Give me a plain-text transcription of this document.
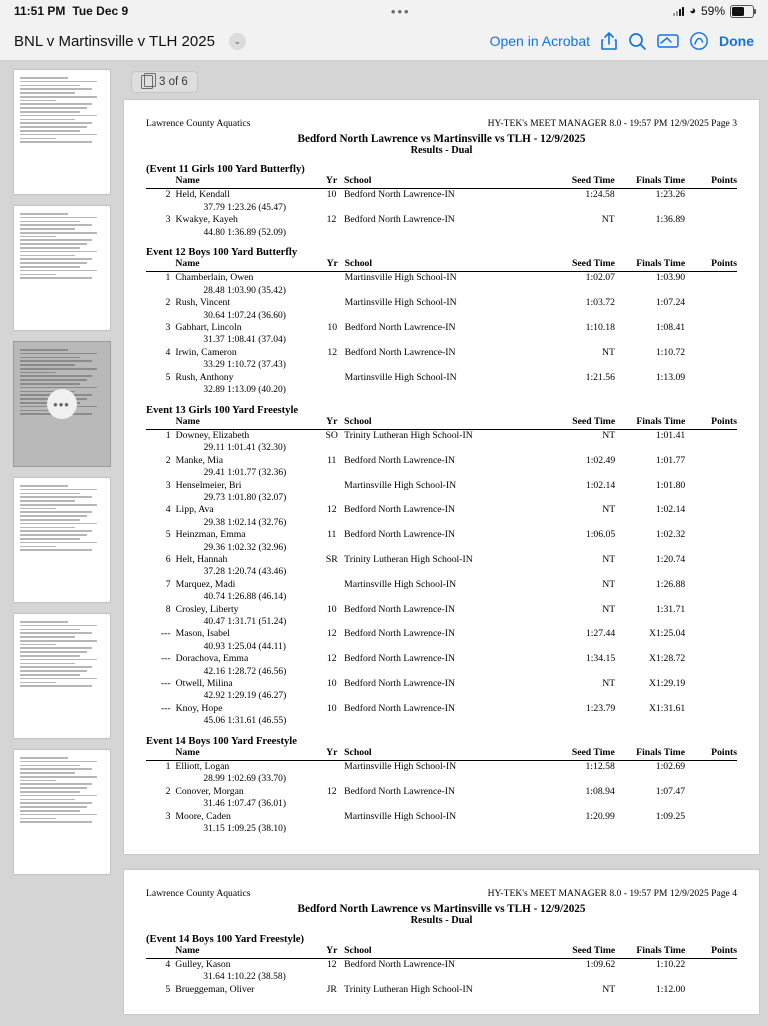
11:51 PM Tue Dec 9	•••	◕ 59%
BNL v Martinsville v TLH 2025	⌄	Open in Acrobat	Done
•••
3 of 6
Lawrence County Aquatics	HY-TEK's MEET MANAGER 8.0 - 19:57 PM 12/9/2025 Page 3
Bedford North Lawrence vs Martinsville vs TLH - 12/9/2025
Results - Dual
(Event 11 Girls 100 Yard Butterfly)
	Name	Yr	School	Seed Time	Finals Time	Points
2	Held, Kendall	10	Bedford North Lawrence-IN	1:24.58	1:23.26	
	37.79 1:23.26 (45.47)					
3	Kwakye, Kayeh	12	Bedford North Lawrence-IN	NT	1:36.89	
	44.80 1:36.89 (52.09)					
Event 12 Boys 100 Yard Butterfly
	Name	Yr	School	Seed Time	Finals Time	Points
1	Chamberlain, Owen		Martinsville High School-IN	1:02.07	1:03.90	
	28.48 1:03.90 (35.42)					
2	Rush, Vincent		Martinsville High School-IN	1:03.72	1:07.24	
	30.64 1:07.24 (36.60)					
3	Gabhart, Lincoln	10	Bedford North Lawrence-IN	1:10.18	1:08.41	
	31.37 1:08.41 (37.04)					
4	Irwin, Cameron	12	Bedford North Lawrence-IN	NT	1:10.72	
	33.29 1:10.72 (37.43)					
5	Rush, Anthony		Martinsville High School-IN	1:21.56	1:13.09	
	32.89 1:13.09 (40.20)					
Event 13 Girls 100 Yard Freestyle
	Name	Yr	School	Seed Time	Finals Time	Points
1	Downey, Elizabeth	SO	Trinity Lutheran High School-IN	NT	1:01.41	
	29.11 1:01.41 (32.30)					
2	Manke, Mia	11	Bedford North Lawrence-IN	1:02.49	1:01.77	
	29.41 1:01.77 (32.36)					
3	Henselmeier, Bri		Martinsville High School-IN	1:02.14	1:01.80	
	29.73 1:01.80 (32.07)					
4	Lipp, Ava	12	Bedford North Lawrence-IN	NT	1:02.14	
	29.38 1:02.14 (32.76)					
5	Heinzman, Emma	11	Bedford North Lawrence-IN	1:06.05	1:02.32	
	29.36 1:02.32 (32.96)					
6	Helt, Hannah	SR	Trinity Lutheran High School-IN	NT	1:20.74	
	37.28 1:20.74 (43.46)					
7	Marquez, Madi		Martinsville High School-IN	NT	1:26.88	
	40.74 1:26.88 (46.14)					
8	Crosley, Liberty	10	Bedford North Lawrence-IN	NT	1:31.71	
	40.47 1:31.71 (51.24)					
---	Mason, Isabel	12	Bedford North Lawrence-IN	1:27.44	X1:25.04	
	40.93 1:25.04 (44.11)					
---	Dorachova, Emma	12	Bedford North Lawrence-IN	1:34.15	X1:28.72	
	42.16 1:28.72 (46.56)					
---	Otwell, Milina	10	Bedford North Lawrence-IN	NT	X1:29.19	
	42.92 1:29.19 (46.27)					
---	Knoy, Hope	10	Bedford North Lawrence-IN	1:23.79	X1:31.61	
	45.06 1:31.61 (46.55)					
Event 14 Boys 100 Yard Freestyle
	Name	Yr	School	Seed Time	Finals Time	Points
1	Elliott, Logan		Martinsville High School-IN	1:12.58	1:02.69	
	28.99 1:02.69 (33.70)					
2	Conover, Morgan	12	Bedford North Lawrence-IN	1:08.94	1:07.47	
	31.46 1:07.47 (36.01)					
3	Moore, Caden		Martinsville High School-IN	1:20.99	1:09.25	
	31.15 1:09.25 (38.10)					
Lawrence County Aquatics	HY-TEK's MEET MANAGER 8.0 - 19:57 PM 12/9/2025 Page 4
Bedford North Lawrence vs Martinsville vs TLH - 12/9/2025
Results - Dual
(Event 14 Boys 100 Yard Freestyle)
	Name	Yr	School	Seed Time	Finals Time	Points
4	Gulley, Kason	12	Bedford North Lawrence-IN	1:09.62	1:10.22	
	31.64 1:10.22 (38.58)					
5	Brueggeman, Oliver	JR	Trinity Lutheran High School-IN	NT	1:12.00	
